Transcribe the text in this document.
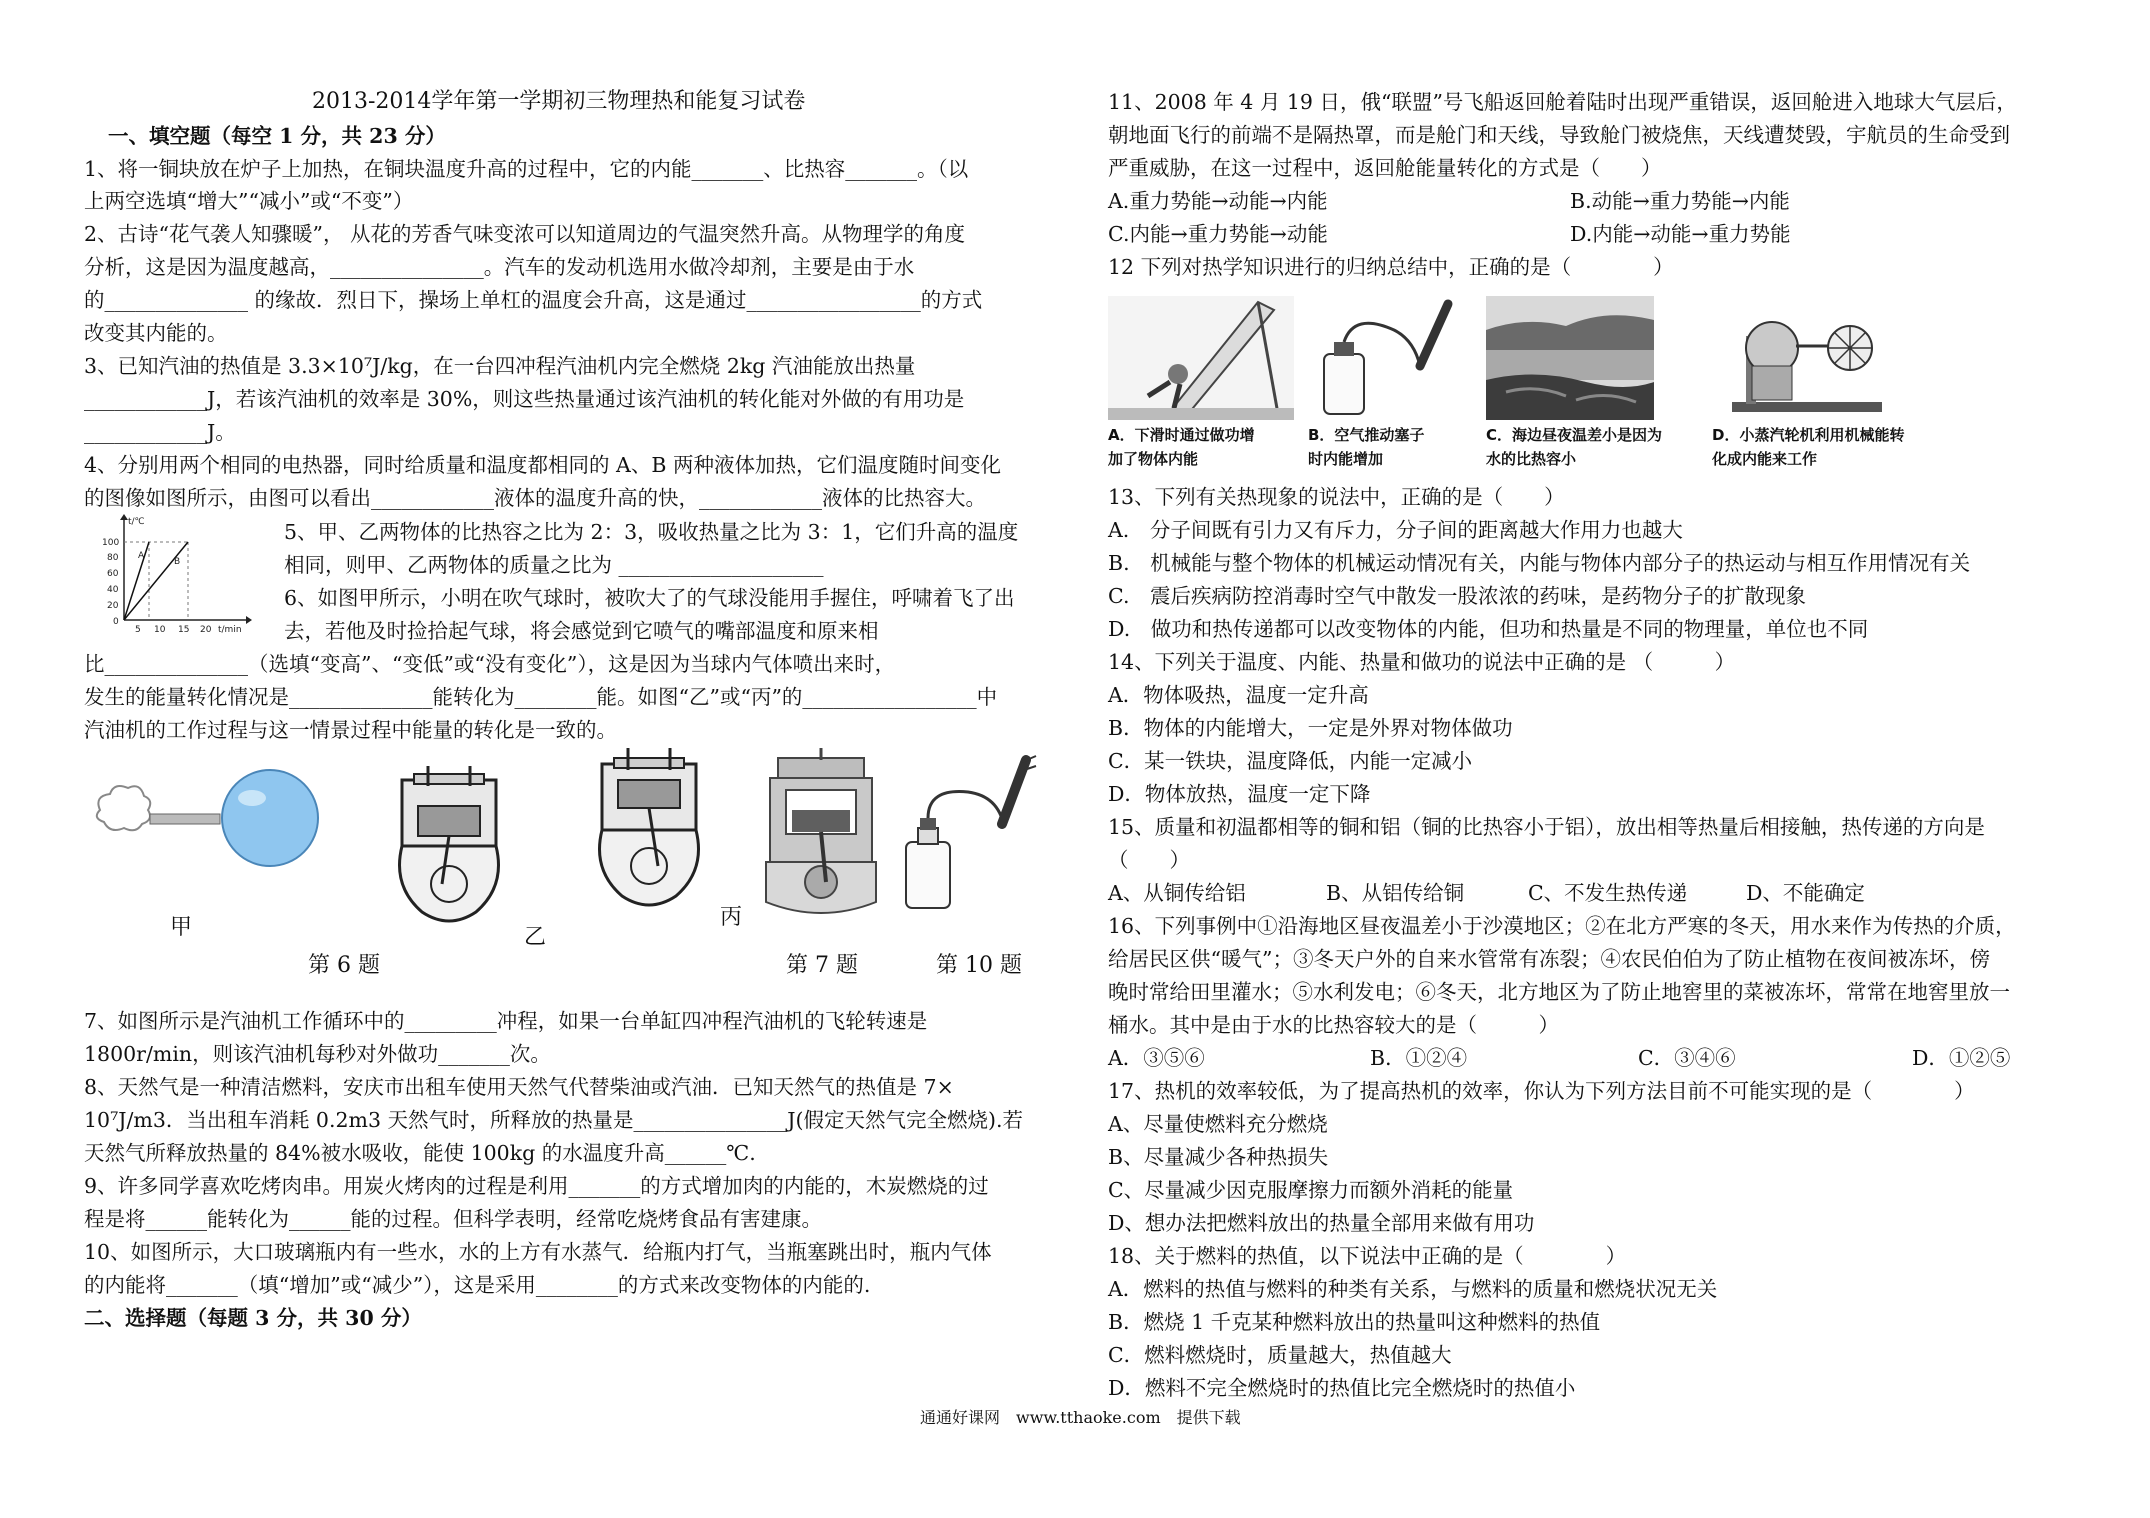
2013-2014学年第一学期初三物理热和能复习试卷
一、填空题（每空 1 分，共 23 分）
1、将一铜块放在炉子上加热，在铜块温度升高的过程中，它的内能_______、比热容_______。（以
上两空选填“增大”“减小”或“不变”）
2、古诗“花气袭人知骤暖”， 从花的芳香气味变浓可以知道周边的气温突然升高。从物理学的角度
分析，这是因为温度越高，_______________。汽车的发动机选用水做冷却剂，主要是由于水
的______________ 的缘故．烈日下，操场上单杠的温度会升高，这是通过_________________的方式
改变其内能的。
3、已知汽油的热值是 3.3×10⁷J/kg，在一台四冲程汽油机内完全燃烧 2kg 汽油能放出热量
____________J，若该汽油机的效率是 30%，则这些热量通过该汽油机的转化能对外做的有用功是
____________J。
4、分别用两个相同的电热器，同时给质量和温度都相同的 A、B 两种液体加热，它们温度随时间变化
的图像如图所示，由图可以看出____________液体的温度升高的快，____________液体的比热容大。
t/℃
t/min
A
B
100
80
60
40
20
0
5 10 15 20
5、甲、乙两物体的比热容之比为 2：3，吸收热量之比为 3：1，它们升高的温度
相同，则甲、乙两物体的质量之比为 ____________________
6、如图甲所示，小明在吹气球时，被吹大了的气球没能用手握住，呼啸着飞了出
去，若他及时捡拾起气球，将会感觉到它喷气的嘴部温度和原来相
比______________（选填“变高”、“变低”或“没有变化”），这是因为当球内气体喷出来时，
发生的能量转化情况是______________能转化为________能。如图“乙”或“丙”的_________________中
汽油机的工作过程与这一情景过程中能量的转化是一致的。
甲	乙
丙
第 6 题	第 7 题	第 10 题
7、如图所示是汽油机工作循环中的_________冲程，如果一台单缸四冲程汽油机的飞轮转速是
1800r/min，则该汽油机每秒对外做功_______次。
8、天然气是一种清洁燃料，安庆市出租车使用天然气代替柴油或汽油．已知天然气的热值是 7×
10⁷J/m3．当出租车消耗 0.2m3 天然气时，所释放的热量是_______________J(假定天然气完全燃烧).若
天然气所释放热量的 84%被水吸收，能使 100kg 的水温度升高______℃.
9、许多同学喜欢吃烤肉串。用炭火烤肉的过程是利用_______的方式增加肉的内能的，木炭燃烧的过
程是将______能转化为______能的过程。但科学表明，经常吃烧烤食品有害建康。
10、如图所示，大口玻璃瓶内有一些水，水的上方有水蒸气．给瓶内打气，当瓶塞跳出时，瓶内气体
的内能将_______（填“增加”或“减少”），这是采用________的方式来改变物体的内能的.
二、选择题（每题 3 分，共 30 分）
11、2008 年 4 月 19 日，俄“联盟”号飞船返回舱着陆时出现严重错误，返回舱进入地球大气层后，
朝地面飞行的前端不是隔热罩，而是舱门和天线，导致舱门被烧焦，天线遭焚毁，宇航员的生命受到
严重威胁，在这一过程中，返回舱能量转化的方式是（　　）
A.重力势能→动能→内能	B.动能→重力势能→内能
C.内能→重力势能→动能	D.内能→动能→重力势能
12 下列对热学知识进行的归纳总结中，正确的是（　　　　）
A．下滑时通过做功增
加了物体内能
B．空气推动塞子
时内能增加
C．海边昼夜温差小是因为
水的比热容小
D．小蒸汽轮机利用机械能转
化成内能来工作
13、下列有关热现象的说法中，正确的是（　　）
A.　分子间既有引力又有斥力，分子间的距离越大作用力也越大
B.　机械能与整个物体的机械运动情况有关，内能与物体内部分子的热运动与相互作用情况有关
C.　震后疾病防控消毒时空气中散发一股浓浓的药味，是药物分子的扩散现象
D.　做功和热传递都可以改变物体的内能，但功和热量是不同的物理量，单位也不同
14、下列关于温度、内能、热量和做功的说法中正确的是 （　　　）
A．物体吸热，温度一定升高
B．物体的内能增大，一定是外界对物体做功
C．某一铁块，温度降低，内能一定减小
D．物体放热，温度一定下降
15、质量和初温都相等的铜和铝（铜的比热容小于铝），放出相等热量后相接触，热传递的方向是
（　　）
A、从铜传给铝	B、从铝传给铜	C、不发生热传递	D、不能确定
16、下列事例中①沿海地区昼夜温差小于沙漠地区；②在北方严寒的冬天，用水来作为传热的介质，
给居民区供“暖气”；③冬天户外的自来水管常有冻裂；④农民伯伯为了防止植物在夜间被冻坏，傍
晚时常给田里灌水；⑤水利发电；⑥冬天，北方地区为了防止地窖里的菜被冻坏，常常在地窖里放一
桶水。其中是由于水的比热容较大的是（　　　）
A．③⑤⑥	B．①②④	C．③④⑥	D．①②⑤
17、热机的效率较低，为了提高热机的效率，你认为下列方法目前不可能实现的是（　　　　）
A、尽量使燃料充分燃烧
B、尽量减少各种热损失
C、尽量减少因克服摩擦力而额外消耗的能量
D、想办法把燃料放出的热量全部用来做有用功
18、关于燃料的热值，以下说法中正确的是（　　　　）
A．燃料的热值与燃料的种类有关系，与燃料的质量和燃烧状况无关
B．燃烧 1 千克某种燃料放出的热量叫这种燃料的热值
C．燃料燃烧时，质量越大，热值越大
D．燃料不完全燃烧时的热值比完全燃烧时的热值小
通通好课网　www.tthaoke.com　提供下载
